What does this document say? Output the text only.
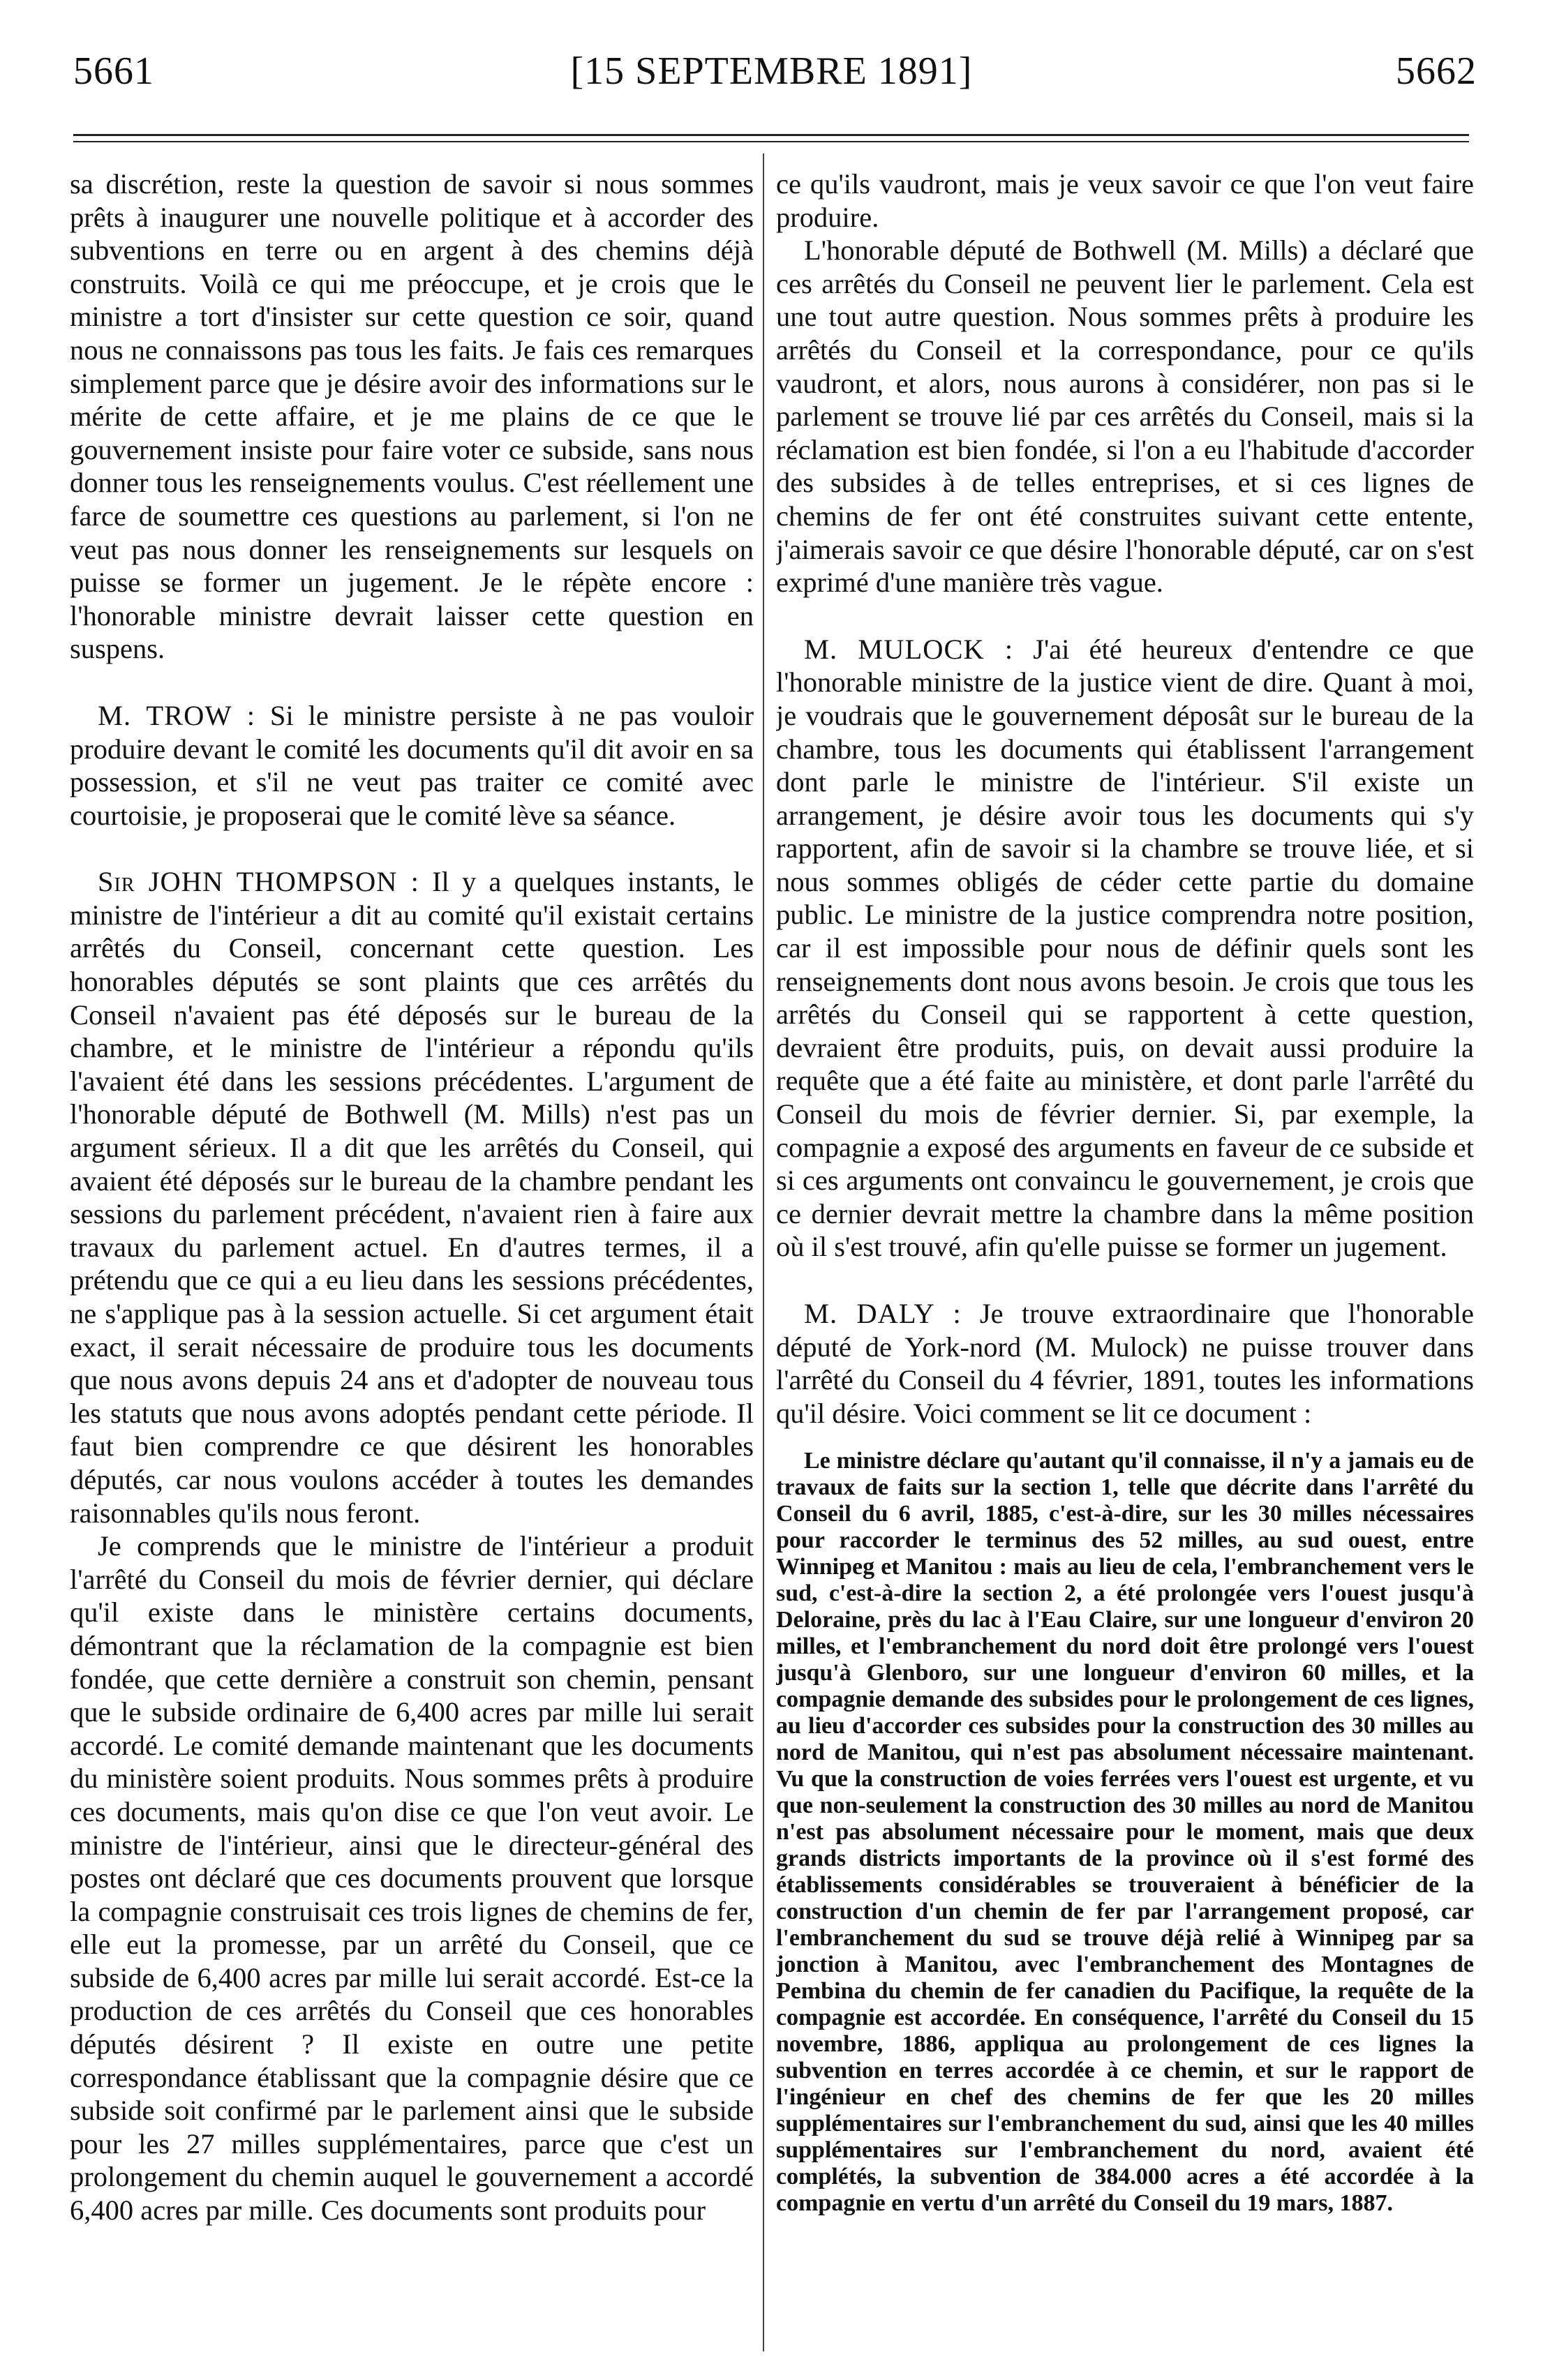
5661	[15 SEPTEMBRE 1891]	5662

sa discrétion, reste la question de savoir si nous sommes prêts à inaugurer une nouvelle politique et à accorder des subventions en terre ou en argent à des chemins déjà construits. Voilà ce qui me préoccupe, et je crois que le ministre a tort d'insister sur cette question ce soir, quand nous ne connaissons pas tous les faits. Je fais ces remarques simplement parce que je désire avoir des informations sur le mérite de cette affaire, et je me plains de ce que le gouvernement insiste pour faire voter ce subside, sans nous donner tous les renseignements voulus. C'est réellement une farce de soumettre ces questions au parlement, si l'on ne veut pas nous donner les renseignements sur lesquels on puisse se former un jugement. Je le répète encore : l'honorable ministre devrait laisser cette question en suspens.

M. TROW : Si le ministre persiste à ne pas vouloir produire devant le comité les documents qu'il dit avoir en sa possession, et s'il ne veut pas traiter ce comité avec courtoisie, je proposerai que le comité lève sa séance.

Sir JOHN THOMPSON : Il y a quelques instants, le ministre de l'intérieur a dit au comité qu'il existait certains arrêtés du Conseil, concernant cette question. Les honorables députés se sont plaints que ces arrêtés du Conseil n'avaient pas été déposés sur le bureau de la chambre, et le ministre de l'intérieur a répondu qu'ils l'avaient été dans les sessions précédentes. L'argument de l'honorable député de Bothwell (M. Mills) n'est pas un argument sérieux. Il a dit que les arrêtés du Conseil, qui avaient été déposés sur le bureau de la chambre pendant les sessions du parlement précédent, n'avaient rien à faire aux travaux du parlement actuel. En d'autres termes, il a prétendu que ce qui a eu lieu dans les sessions précédentes, ne s'applique pas à la session actuelle. Si cet argument était exact, il serait nécessaire de produire tous les documents que nous avons depuis 24 ans et d'adopter de nouveau tous les statuts que nous avons adoptés pendant cette période. Il faut bien comprendre ce que désirent les honorables députés, car nous voulons accéder à toutes les demandes raisonnables qu'ils nous feront.

Je comprends que le ministre de l'intérieur a produit l'arrêté du Conseil du mois de février dernier, qui déclare qu'il existe dans le ministère certains documents, démontrant que la réclamation de la compagnie est bien fondée, que cette dernière a construit son chemin, pensant que le subside ordinaire de 6,400 acres par mille lui serait accordé. Le comité demande maintenant que les documents du ministère soient produits. Nous sommes prêts à produire ces documents, mais qu'on dise ce que l'on veut avoir. Le ministre de l'intérieur, ainsi que le directeur-général des postes ont déclaré que ces documents prouvent que lorsque la compagnie construisait ces trois lignes de chemins de fer, elle eut la promesse, par un arrêté du Conseil, que ce subside de 6,400 acres par mille lui serait accordé. Est-ce la production de ces arrêtés du Conseil que ces honorables députés désirent ? Il existe en outre une petite correspondance établissant que la compagnie désire que ce subside soit confirmé par le parlement ainsi que le subside pour les 27 milles supplémentaires, parce que c'est un prolongement du chemin auquel le gouvernement a accordé 6,400 acres par mille. Ces documents sont produits pour

ce qu'ils vaudront, mais je veux savoir ce que l'on veut faire produire.

L'honorable député de Bothwell (M. Mills) a déclaré que ces arrêtés du Conseil ne peuvent lier le parlement. Cela est une tout autre question. Nous sommes prêts à produire les arrêtés du Conseil et la correspondance, pour ce qu'ils vaudront, et alors, nous aurons à considérer, non pas si le parlement se trouve lié par ces arrêtés du Conseil, mais si la réclamation est bien fondée, si l'on a eu l'habitude d'accorder des subsides à de telles entreprises, et si ces lignes de chemins de fer ont été construites suivant cette entente, j'aimerais savoir ce que désire l'honorable député, car on s'est exprimé d'une manière très vague.

M. MULOCK : J'ai été heureux d'entendre ce que l'honorable ministre de la justice vient de dire. Quant à moi, je voudrais que le gouvernement déposât sur le bureau de la chambre, tous les documents qui établissent l'arrangement dont parle le ministre de l'intérieur. S'il existe un arrangement, je désire avoir tous les documents qui s'y rapportent, afin de savoir si la chambre se trouve liée, et si nous sommes obligés de céder cette partie du domaine public. Le ministre de la justice comprendra notre position, car il est impossible pour nous de définir quels sont les renseignements dont nous avons besoin. Je crois que tous les arrêtés du Conseil qui se rapportent à cette question, devraient être produits, puis, on devait aussi produire la requête que a été faite au ministère, et dont parle l'arrêté du Conseil du mois de février dernier. Si, par exemple, la compagnie a exposé des arguments en faveur de ce subside et si ces arguments ont convaincu le gouvernement, je crois que ce dernier devrait mettre la chambre dans la même position où il s'est trouvé, afin qu'elle puisse se former un jugement.

M. DALY : Je trouve extraordinaire que l'honorable député de York-nord (M. Mulock) ne puisse trouver dans l'arrêté du Conseil du 4 février, 1891, toutes les informations qu'il désire. Voici comment se lit ce document :

Le ministre déclare qu'autant qu'il connaisse, il n'y a jamais eu de travaux de faits sur la section 1, telle que décrite dans l'arrêté du Conseil du 6 avril, 1885, c'est-à-dire, sur les 30 milles nécessaires pour raccorder le terminus des 52 milles, au sud ouest, entre Winnipeg et Manitou : mais au lieu de cela, l'embranchement vers le sud, c'est-à-dire la section 2, a été prolongée vers l'ouest jusqu'à Deloraine, près du lac à l'Eau Claire, sur une longueur d'environ 20 milles, et l'embranchement du nord doit être prolongé vers l'ouest jusqu'à Glenboro, sur une longueur d'environ 60 milles, et la compagnie demande des subsides pour le prolongement de ces lignes, au lieu d'accorder ces subsides pour la construction des 30 milles au nord de Manitou, qui n'est pas absolument nécessaire maintenant. Vu que la construction de voies ferrées vers l'ouest est urgente, et vu que non-seulement la construction des 30 milles au nord de Manitou n'est pas absolument nécessaire pour le moment, mais que deux grands districts importants de la province où il s'est formé des établissements considérables se trouveraient à bénéficier de la construction d'un chemin de fer par l'arrangement proposé, car l'embranchement du sud se trouve déjà relié à Winnipeg par sa jonction à Manitou, avec l'embranchement des Montagnes de Pembina du chemin de fer canadien du Pacifique, la requête de la compagnie est accordée. En conséquence, l'arrêté du Conseil du 15 novembre, 1886, appliqua au prolongement de ces lignes la subvention en terres accordée à ce chemin, et sur le rapport de l'ingénieur en chef des chemins de fer que les 20 milles supplémentaires sur l'embranchement du sud, ainsi que les 40 milles supplémentaires sur l'embranchement du nord, avaient été complétés, la subvention de 384.000 acres a été accordée à la compagnie en vertu d'un arrêté du Conseil du 19 mars, 1887.
